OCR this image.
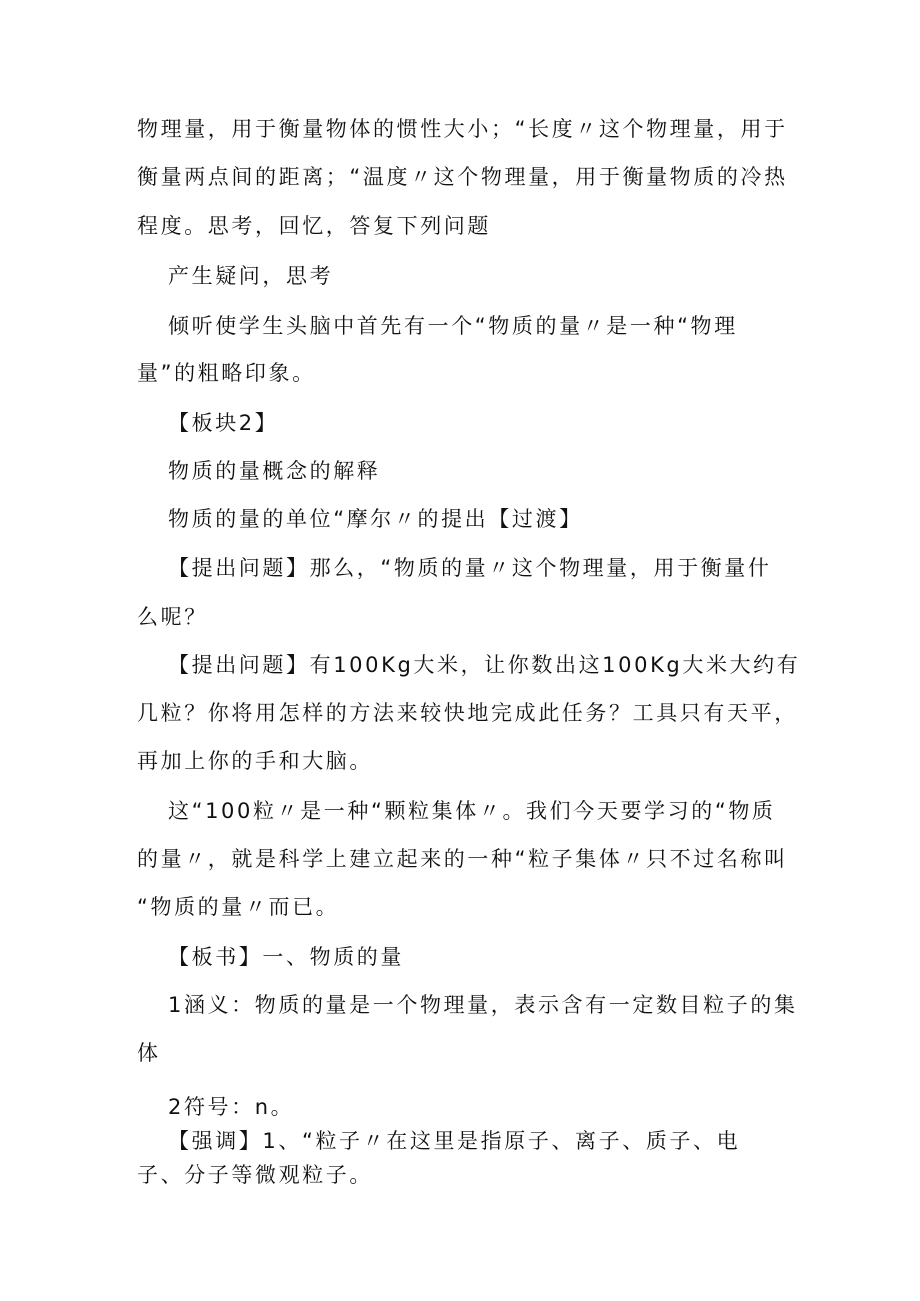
物理量，用于衡量物体的惯性大小；“长度〃这个物理量，用于
衡量两点间的距离；“温度〃这个物理量，用于衡量物质的冷热
程度。思考，回忆，答复下列问题
产生疑问，思考
倾听使学生头脑中首先有一个“物质的量〃是一种“物理
量”的粗略印象。
【板块2】
物质的量概念的解释
物质的量的单位“摩尔〃的提出【过渡】
【提出问题】那么，“物质的量〃这个物理量，用于衡量什
么呢？
【提出问题】有100Kg大米，让你数出这100Kg大米大约有
几粒？你将用怎样的方法来较快地完成此任务？工具只有天平，
再加上你的手和大脑。
这“100粒〃是一种“颗粒集体〃。我们今天要学习的“物质
的量〃，就是科学上建立起来的一种“粒子集体〃只不过名称叫
“物质的量〃而已。
【板书】一、物质的量
1涵义：物质的量是一个物理量，表示含有一定数目粒子的集
体
2符号：n。
【强调】1、“粒子〃在这里是指原子、离子、质子、电
子、分子等微观粒子。
